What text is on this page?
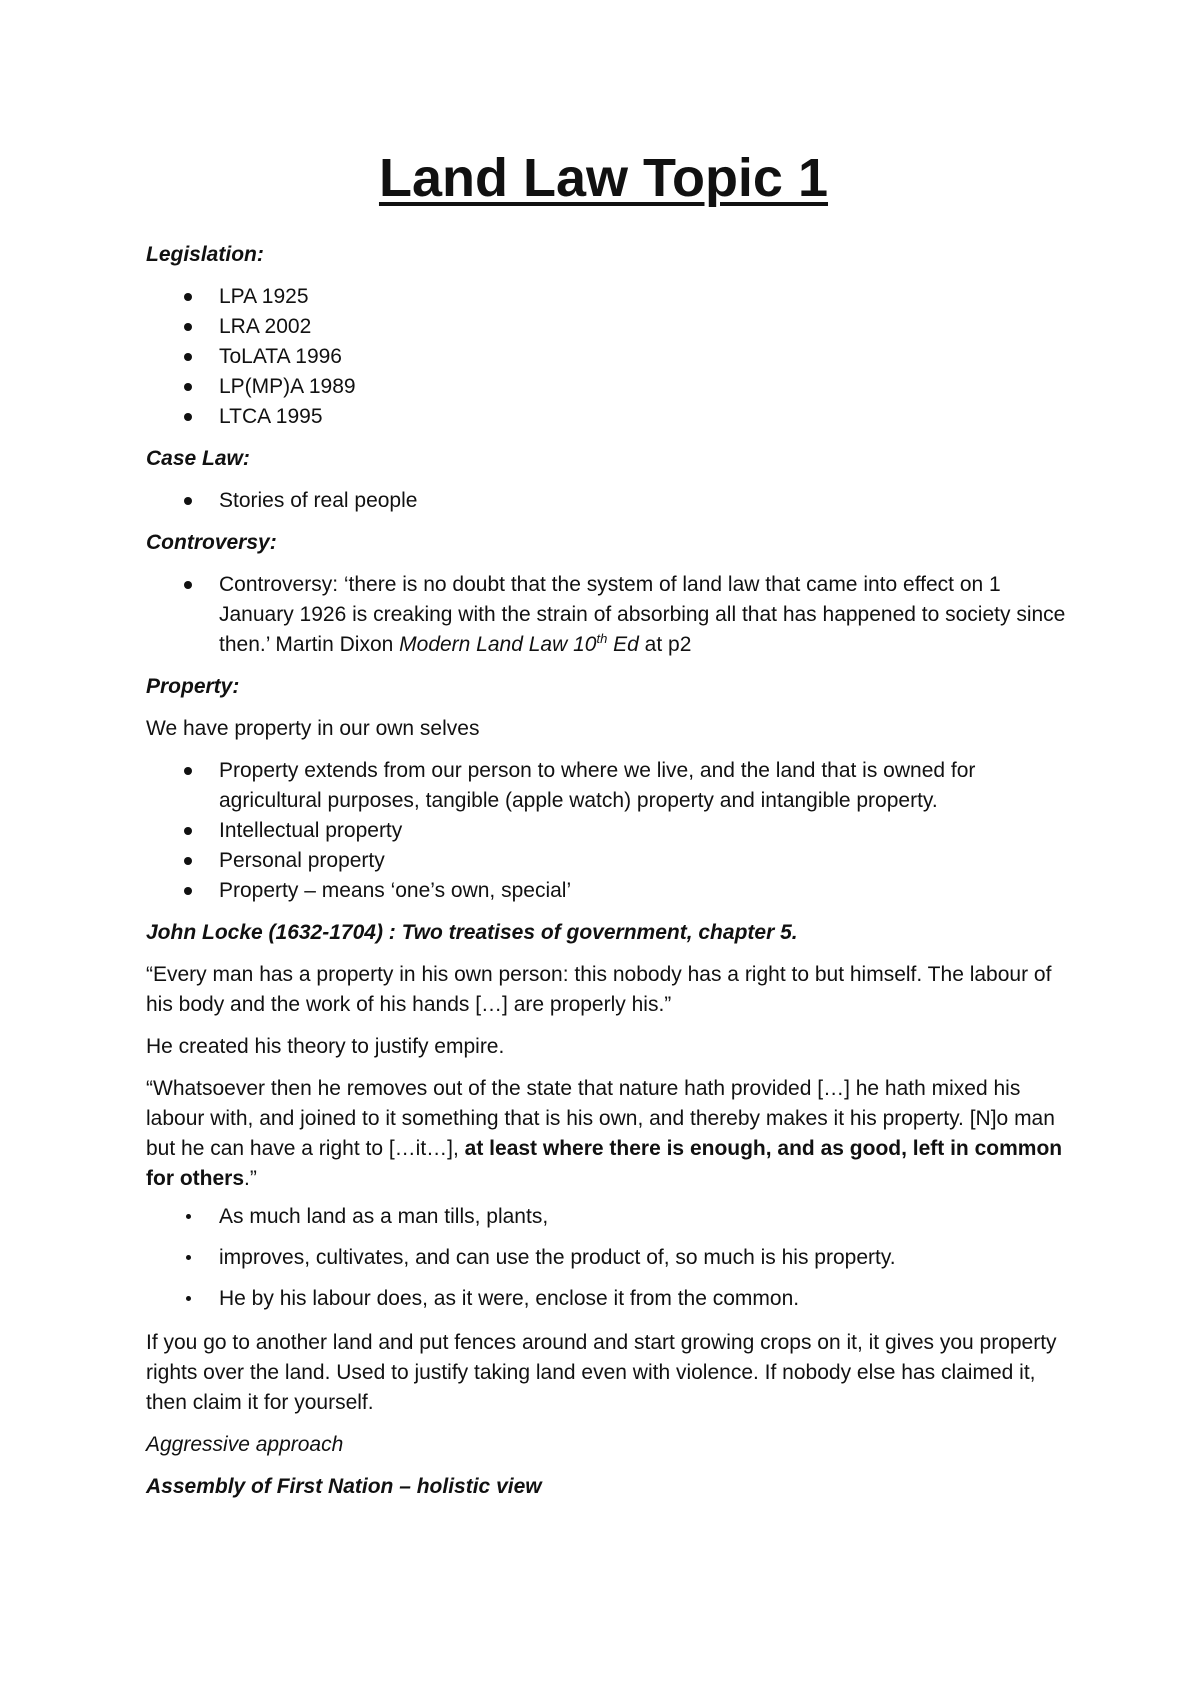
Land Law Topic 1

Legislation:

LPA 1925
LRA 2002
ToLATA 1996
LP(MP)A 1989
LTCA 1995

Case Law:

Stories of real people

Controversy:

Controversy: ‘there is no doubt that the system of land law that came into effect on 1 January 1926 is creaking with the strain of absorbing all that has happened to society since then.’ Martin Dixon Modern Land Law 10th Ed at p2

Property:

We have property in our own selves

Property extends from our person to where we live, and the land that is owned for agricultural purposes, tangible (apple watch) property and intangible property.
Intellectual property
Personal property
Property – means ‘one’s own, special’

John Locke (1632-1704) : Two treatises of government, chapter 5.

“Every man has a property in his own person: this nobody has a right to but himself. The labour of his body and the work of his hands […] are properly his.”

He created his theory to justify empire.

“Whatsoever then he removes out of the state that nature hath provided […] he hath mixed his labour with, and joined to it something that is his own, and thereby makes it his property. [N]o man but he can have a right to […it…], at least where there is enough, and as good, left in common for others.”

As much land as a man tills, plants,
improves, cultivates, and can use the product of, so much is his property.
He by his labour does, as it were, enclose it from the common.

If you go to another land and put fences around and start growing crops on it, it gives you property rights over the land. Used to justify taking land even with violence. If nobody else has claimed it, then claim it for yourself.

Aggressive approach

Assembly of First Nation – holistic view
